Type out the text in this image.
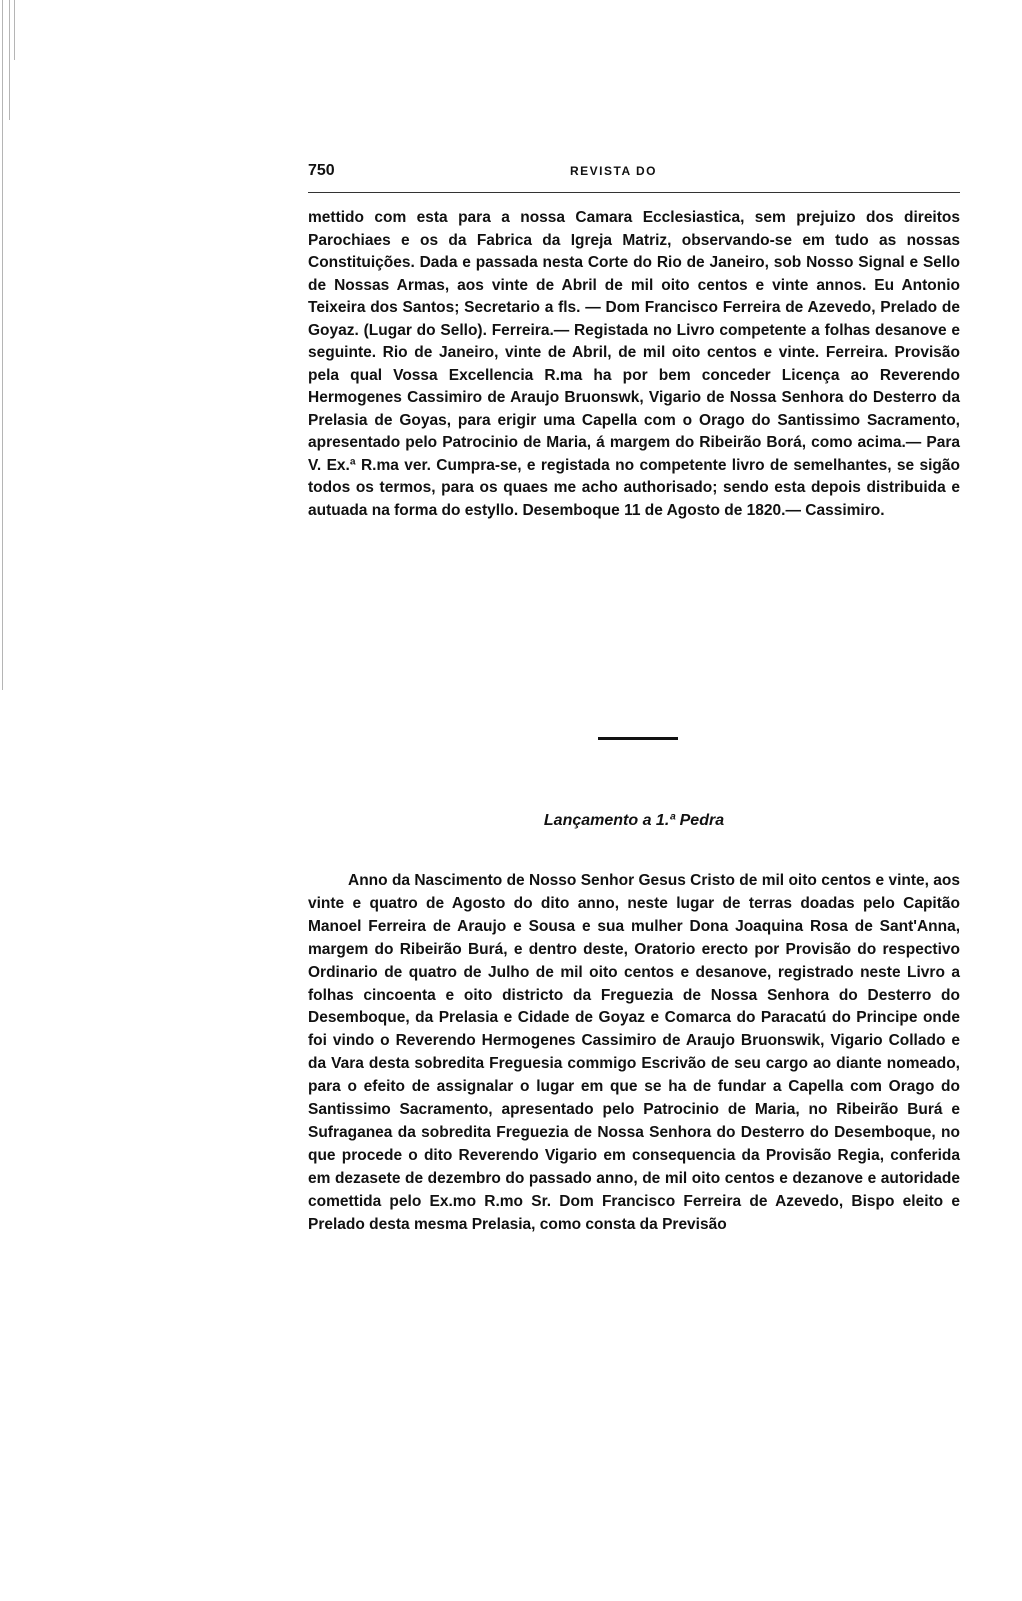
750	REVISTA DO

mettido com esta para a nossa Camara Ecclesiastica, sem prejuizo dos direitos Parochiaes e os da Fabrica da Igreja Matriz, observando-se em tudo as nossas Constituições. Dada e passada nesta Corte do Rio de Janeiro, sob Nosso Signal e Sello de Nossas Armas, aos vinte de Abril de mil oito centos e vinte annos. Eu Antonio Teixeira dos Santos; Secretario a fls. — Dom Francisco Ferreira de Azevedo, Prelado de Goyaz. (Lugar do Sello). Ferreira.— Registada no Livro competente a folhas desanove e seguinte. Rio de Janeiro, vinte de Abril, de mil oito centos e vinte. Ferreira. Provisão pela qual Vossa Excellencia R.ma ha por bem conceder Licença ao Reverendo Hermogenes Cassimiro de Araujo Bruonswk, Vigario de Nossa Senhora do Desterro da Prelasia de Goyas, para erigir uma Capella com o Orago do Santissimo Sacramento, apresentado pelo Patrocinio de Maria, á margem do Ribeirão Borá, como acima.— Para V. Ex.ª R.ma ver. Cumpra-se, e registada no competente livro de semelhantes, se sigão todos os termos, para os quaes me acho authorisado; sendo esta depois distribuida e autuada na forma do estyllo. Desemboque 11 de Agosto de 1820.— Cassimiro.

Lançamento a 1.ª Pedra

Anno da Nascimento de Nosso Senhor Gesus Cristo de mil oito centos e vinte, aos vinte e quatro de Agosto do dito anno, neste lugar de terras doadas pelo Capitão Manoel Ferreira de Araujo e Sousa e sua mulher Dona Joaquina Rosa de Sant'Anna, margem do Ribeirão Burá, e dentro deste, Oratorio erecto por Provisão do respectivo Ordinario de quatro de Julho de mil oito centos e desanove, registrado neste Livro a folhas cincoenta e oito districto da Freguezia de Nossa Senhora do Desterro do Desemboque, da Prelasia e Cidade de Goyaz e Comarca do Paracatú do Principe onde foi vindo o Reverendo Hermogenes Cassimiro de Araujo Bruonswik, Vigario Collado e da Vara desta sobredita Freguesia commigo Escrivão de seu cargo ao diante nomeado, para o efeito de assignalar o lugar em que se ha de fundar a Capella com Orago do Santissimo Sacramento, apresentado pelo Patrocinio de Maria, no Ribeirão Burá e Sufraganea da sobredita Freguezia de Nossa Senhora do Desterro do Desemboque, no que procede o dito Reverendo Vigario em consequencia da Provisão Regia, conferida em dezasete de dezembro do passado anno, de mil oito centos e dezanove e autoridade comettida pelo Ex.mo R.mo Sr. Dom Francisco Ferreira de Azevedo, Bispo eleito e Prelado desta mesma Prelasia, como consta da Previsão
